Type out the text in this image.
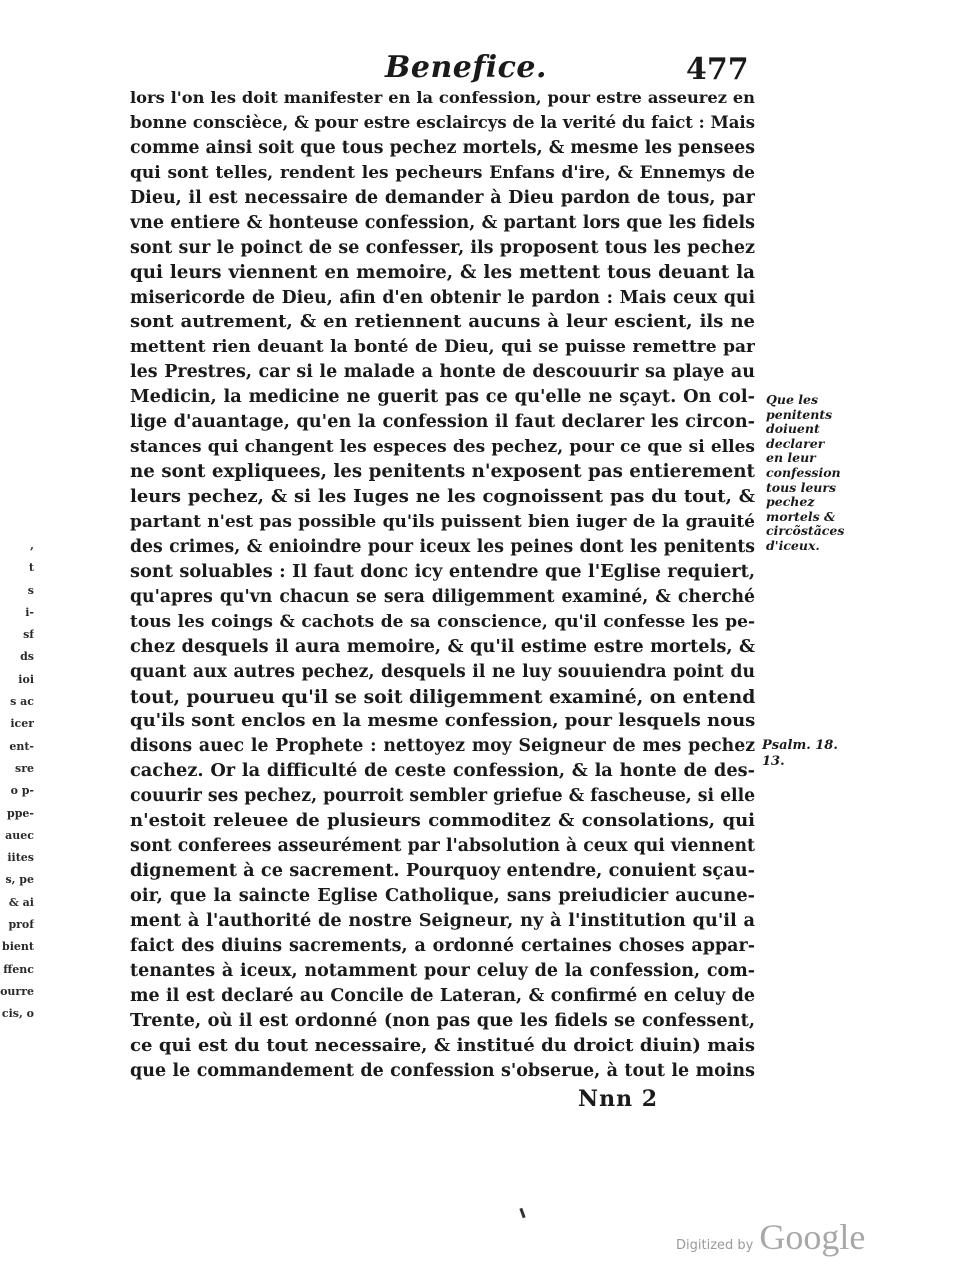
Benefice.	477
,
t
s
i-
sf
ds
ioi
s ac
icer
ent-
sre
o p-
ppe-
auec
iites
s, pe
& ai
prof
bient
ffenc
ourre
cis, o
lors l'on les doit manifester en la confession, pour estre asseurez en
bonne conscièce, & pour estre esclaircys de la verité du faict : Mais
comme ainsi soit que tous pechez mortels, & mesme les pensees
qui sont telles, rendent les pecheurs Enfans d'ire, & Ennemys de
Dieu, il est necessaire de demander à Dieu pardon de tous, par
vne entiere & honteuse confession, & partant lors que les fidels
sont sur le poinct de se confesser, ils proposent tous les pechez
qui leurs viennent en memoire, & les mettent tous deuant la
misericorde de Dieu, afin d'en obtenir le pardon : Mais ceux qui
sont autrement, & en retiennent aucuns à leur escient, ils ne
mettent rien deuant la bonté de Dieu, qui se puisse remettre par
les Prestres, car si le malade a honte de descouurir sa playe au
Medicin, la medicine ne guerit pas ce qu'elle ne sçayt. On col-
lige d'auantage, qu'en la confession il faut declarer les circon-
stances qui changent les especes des pechez, pour ce que si elles
ne sont expliquees, les penitents n'exposent pas entierement
leurs pechez, & si les Iuges ne les cognoissent pas du tout, &
partant n'est pas possible qu'ils puissent bien iuger de la grauité
des crimes, & enioindre pour iceux les peines dont les penitents
sont soluables : Il faut donc icy entendre que l'Eglise requiert,
qu'apres qu'vn chacun se sera diligemment examiné, & cherché
tous les coings & cachots de sa conscience, qu'il confesse les pe-
chez desquels il aura memoire, & qu'il estime estre mortels, &
quant aux autres pechez, desquels il ne luy souuiendra point du
tout, pourueu qu'il se soit diligemment examiné, on entend
qu'ils sont enclos en la mesme confession, pour lesquels nous
disons auec le Prophete : nettoyez moy Seigneur de mes pechez
cachez. Or la difficulté de ceste confession, & la honte de des-
couurir ses pechez, pourroit sembler griefue & fascheuse, si elle
n'estoit releuee de plusieurs commoditez & consolations, qui
sont conferees asseurément par l'absolution à ceux qui viennent
dignement à ce sacrement. Pourquoy entendre, conuient sçau-
oir, que la saincte Eglise Catholique, sans preiudicier aucune-
ment à l'authorité de nostre Seigneur, ny à l'institution qu'il a
faict des diuins sacrements, a ordonné certaines choses appar-
tenantes à iceux, notamment pour celuy de la confession, com-
me il est declaré au Concile de Lateran, & confirmé en celuy de
Trente, où il est ordonné (non pas que les fidels se confessent,
ce qui est du tout necessaire, & institué du droict diuin) mais
que le commandement de confession s'obserue, à tout le moins
Que les
penitents
doiuent
declarer
en leur
confession
tous leurs
pechez
mortels &
circõstãces
d'iceux.
Psalm. 18.
13.
Nnn 2
Digitized by Google
